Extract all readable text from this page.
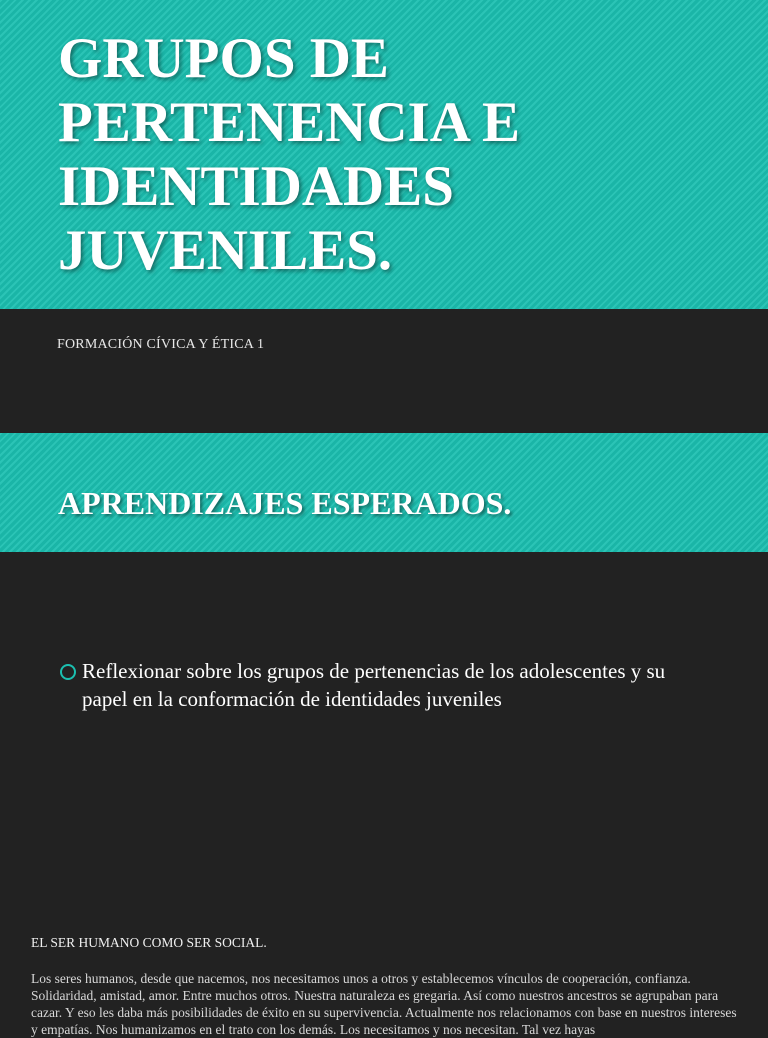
GRUPOS DE PERTENENCIA E IDENTIDADES JUVENILES.
FORMACIÓN CÍVICA Y ÉTICA 1
APRENDIZAJES ESPERADOS.
Reflexionar sobre los grupos de pertenencias de los adolescentes y su papel en la conformación de identidades juveniles
EL SER HUMANO COMO SER SOCIAL.

Los seres humanos, desde que nacemos, nos necesitamos unos a otros y establecemos vínculos de cooperación, confianza. Solidaridad, amistad, amor. Entre muchos otros. Nuestra naturaleza es gregaria. Así como nuestros ancestros se agrupaban para cazar. Y eso les daba más posibilidades de éxito en su supervivencia. Actualmente nos relacionamos con base en nuestros intereses y empatías. Nos humanizamos en el trato con los demás. Los necesitamos y nos necesitan. Tal vez hayas
